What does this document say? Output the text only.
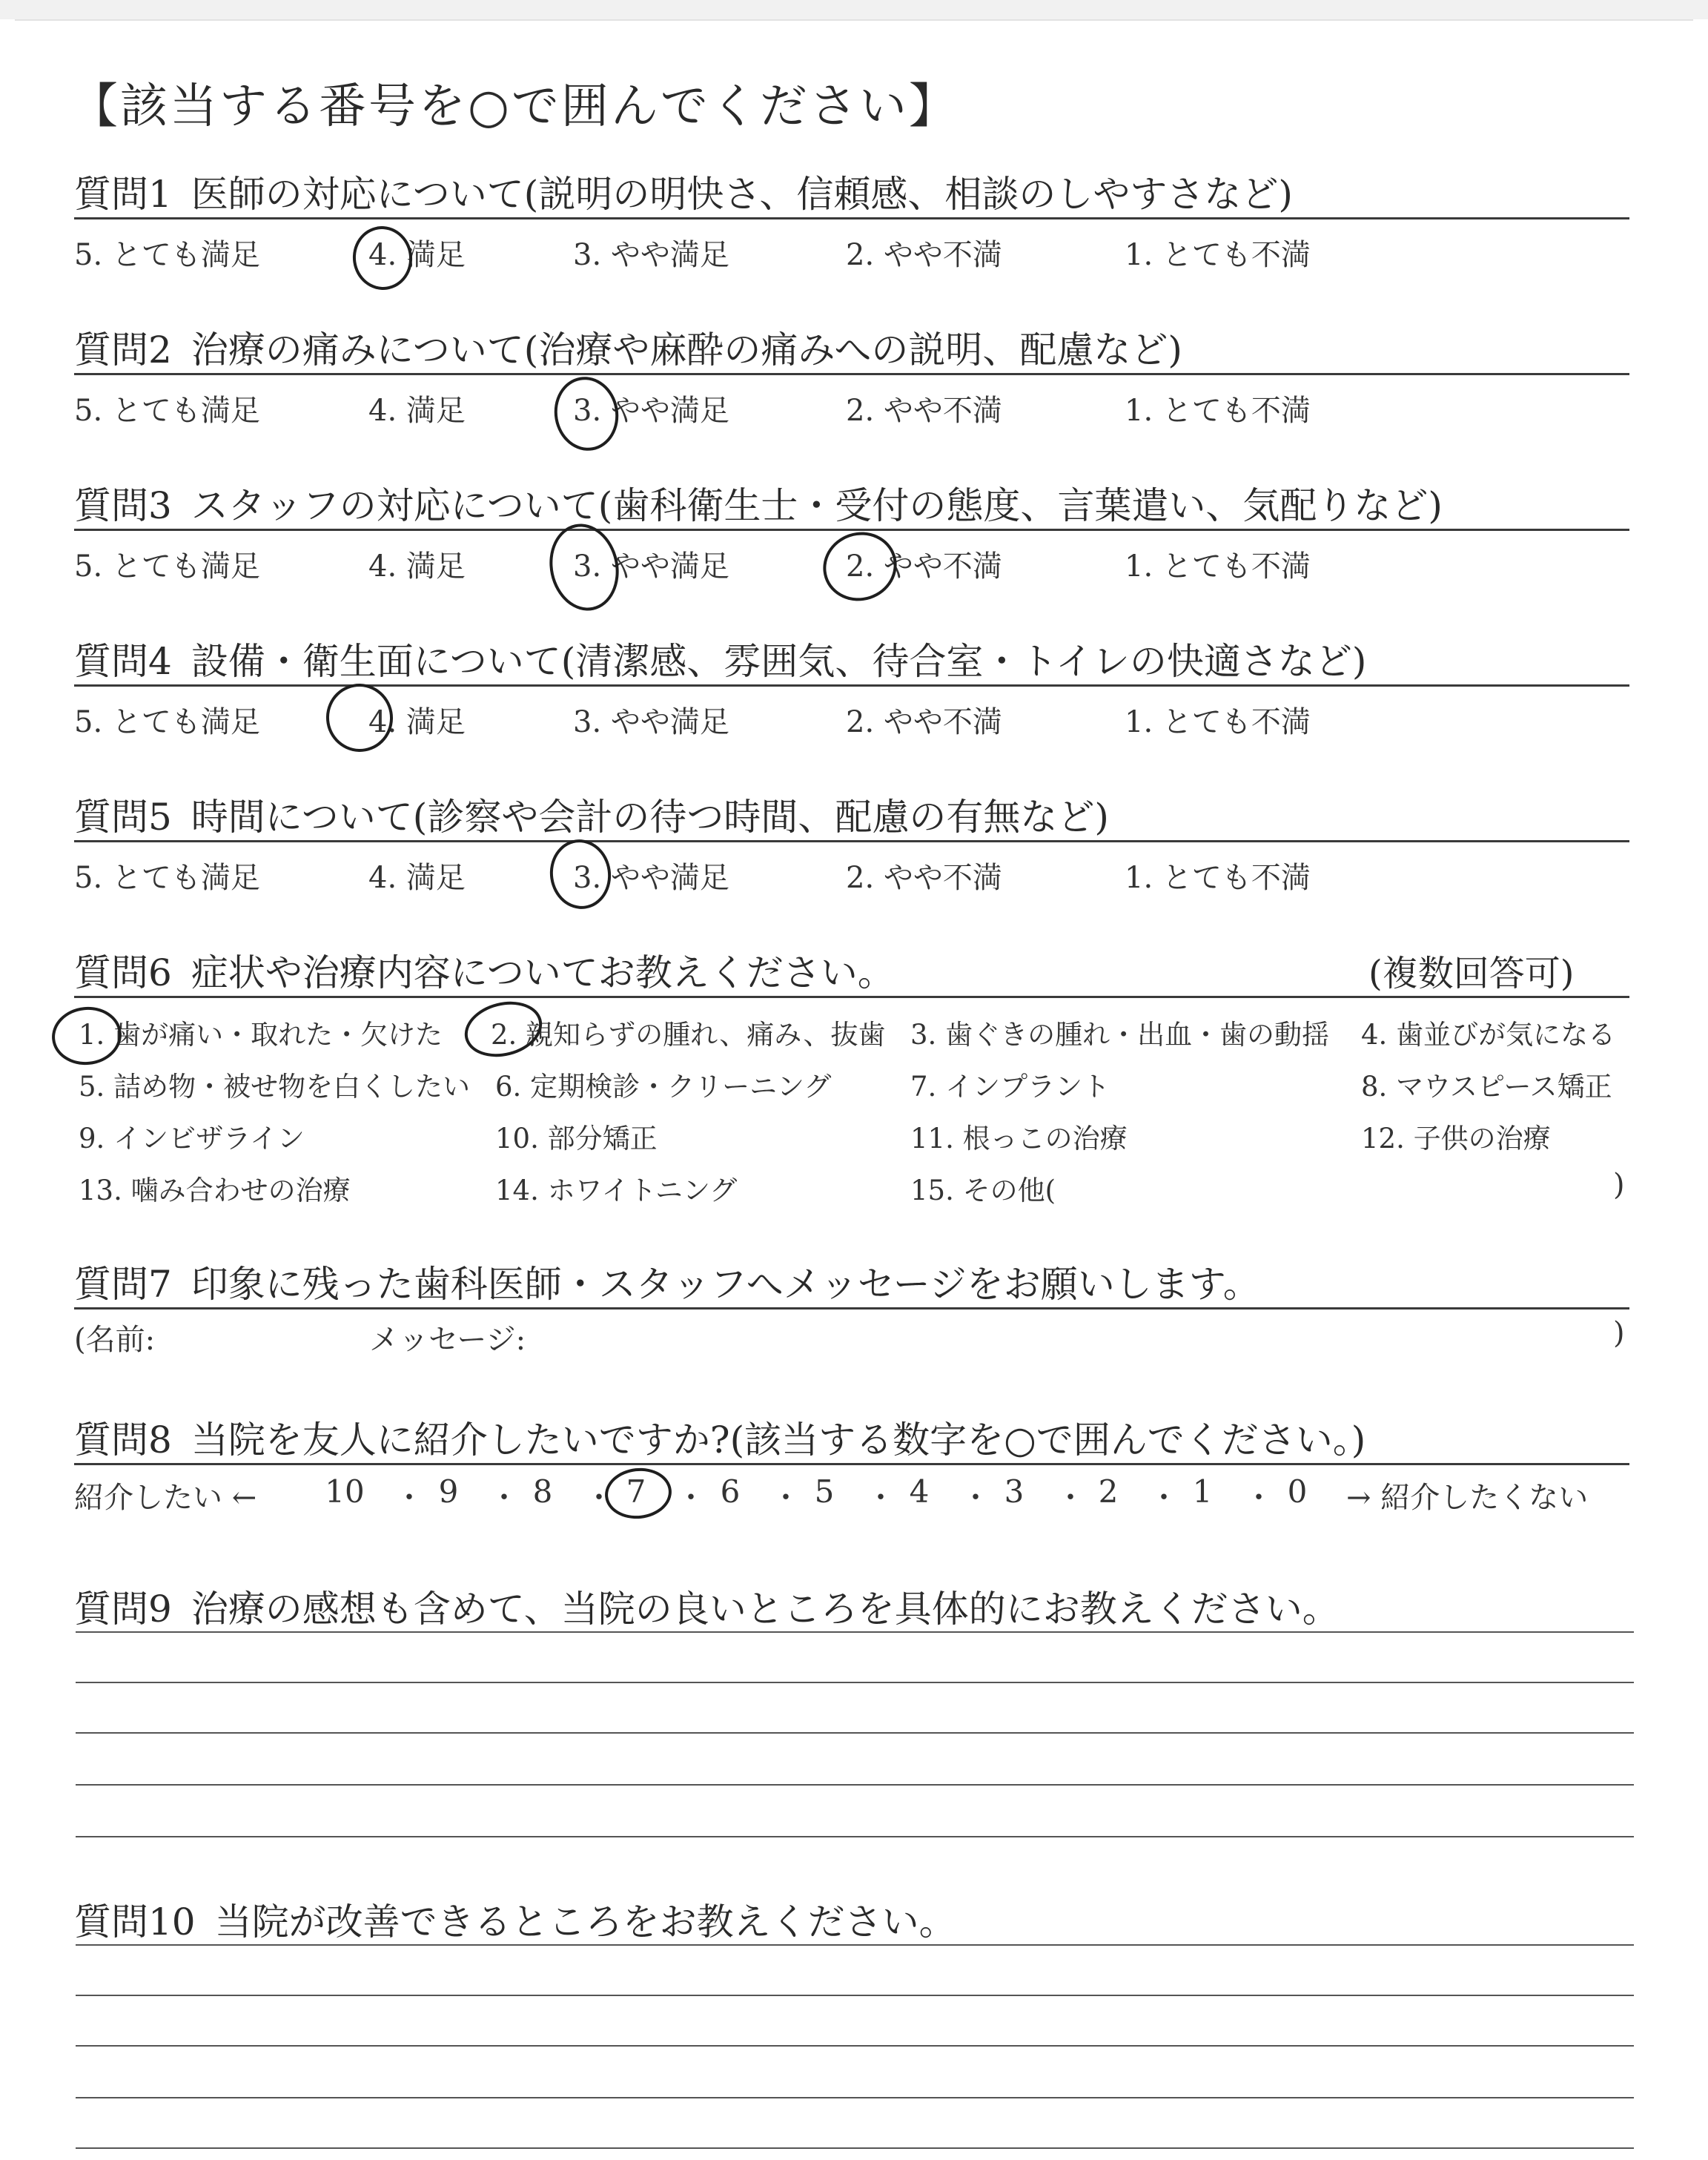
【該当する番号を○で囲んでください】
質問1 医師の対応について(説明の明快さ、信頼感、相談のしやすさなど)
5. とても満足	4. 満足	3. やや満足	2. やや不満	1. とても不満
質問2 治療の痛みについて(治療や麻酔の痛みへの説明、配慮など)
5. とても満足	4. 満足	3. やや満足	2. やや不満	1. とても不満
質問3 スタッフの対応について(歯科衛生士・受付の態度、言葉遣い、気配りなど)
5. とても満足	4. 満足	3. やや満足	2. やや不満	1. とても不満
質問4 設備・衛生面について(清潔感、雰囲気、待合室・トイレの快適さなど)
5. とても満足	4. 満足	3. やや満足	2. やや不満	1. とても不満
質問5 時間について(診察や会計の待つ時間、配慮の有無など)
5. とても満足	4. 満足	3. やや満足	2. やや不満	1. とても不満
質問6 症状や治療内容についてお教えください。	(複数回答可)
1. 歯が痛い・取れた・欠けた 2. 親知らずの腫れ、痛み、抜歯 3. 歯ぐきの腫れ・出血・歯の動揺 4. 歯並びが気になる
5. 詰め物・被せ物を白くしたい 6. 定期検診・クリーニング	7. インプラント	8. マウスピース矯正
9. インビザライン	10. 部分矯正	11. 根っこの治療	12. 子供の治療
13. 噛み合わせの治療	14. ホワイトニング	15. その他(	)
質問7 印象に残った歯科医師・スタッフへメッセージをお願いします。
(名前:	メッセージ:	)
質問8 当院を友人に紹介したいですか?(該当する数字を○で囲んでください。)
紹介したい ←	→ 紹介したくない
10 ・ 9	・ 8	・ 7	・ 6	・ 5	・ 4	・ 3	・ 2	・ 1	・ 0
質問9 治療の感想も含めて、当院の良いところを具体的にお教えください。
質問10 当院が改善できるところをお教えください。
